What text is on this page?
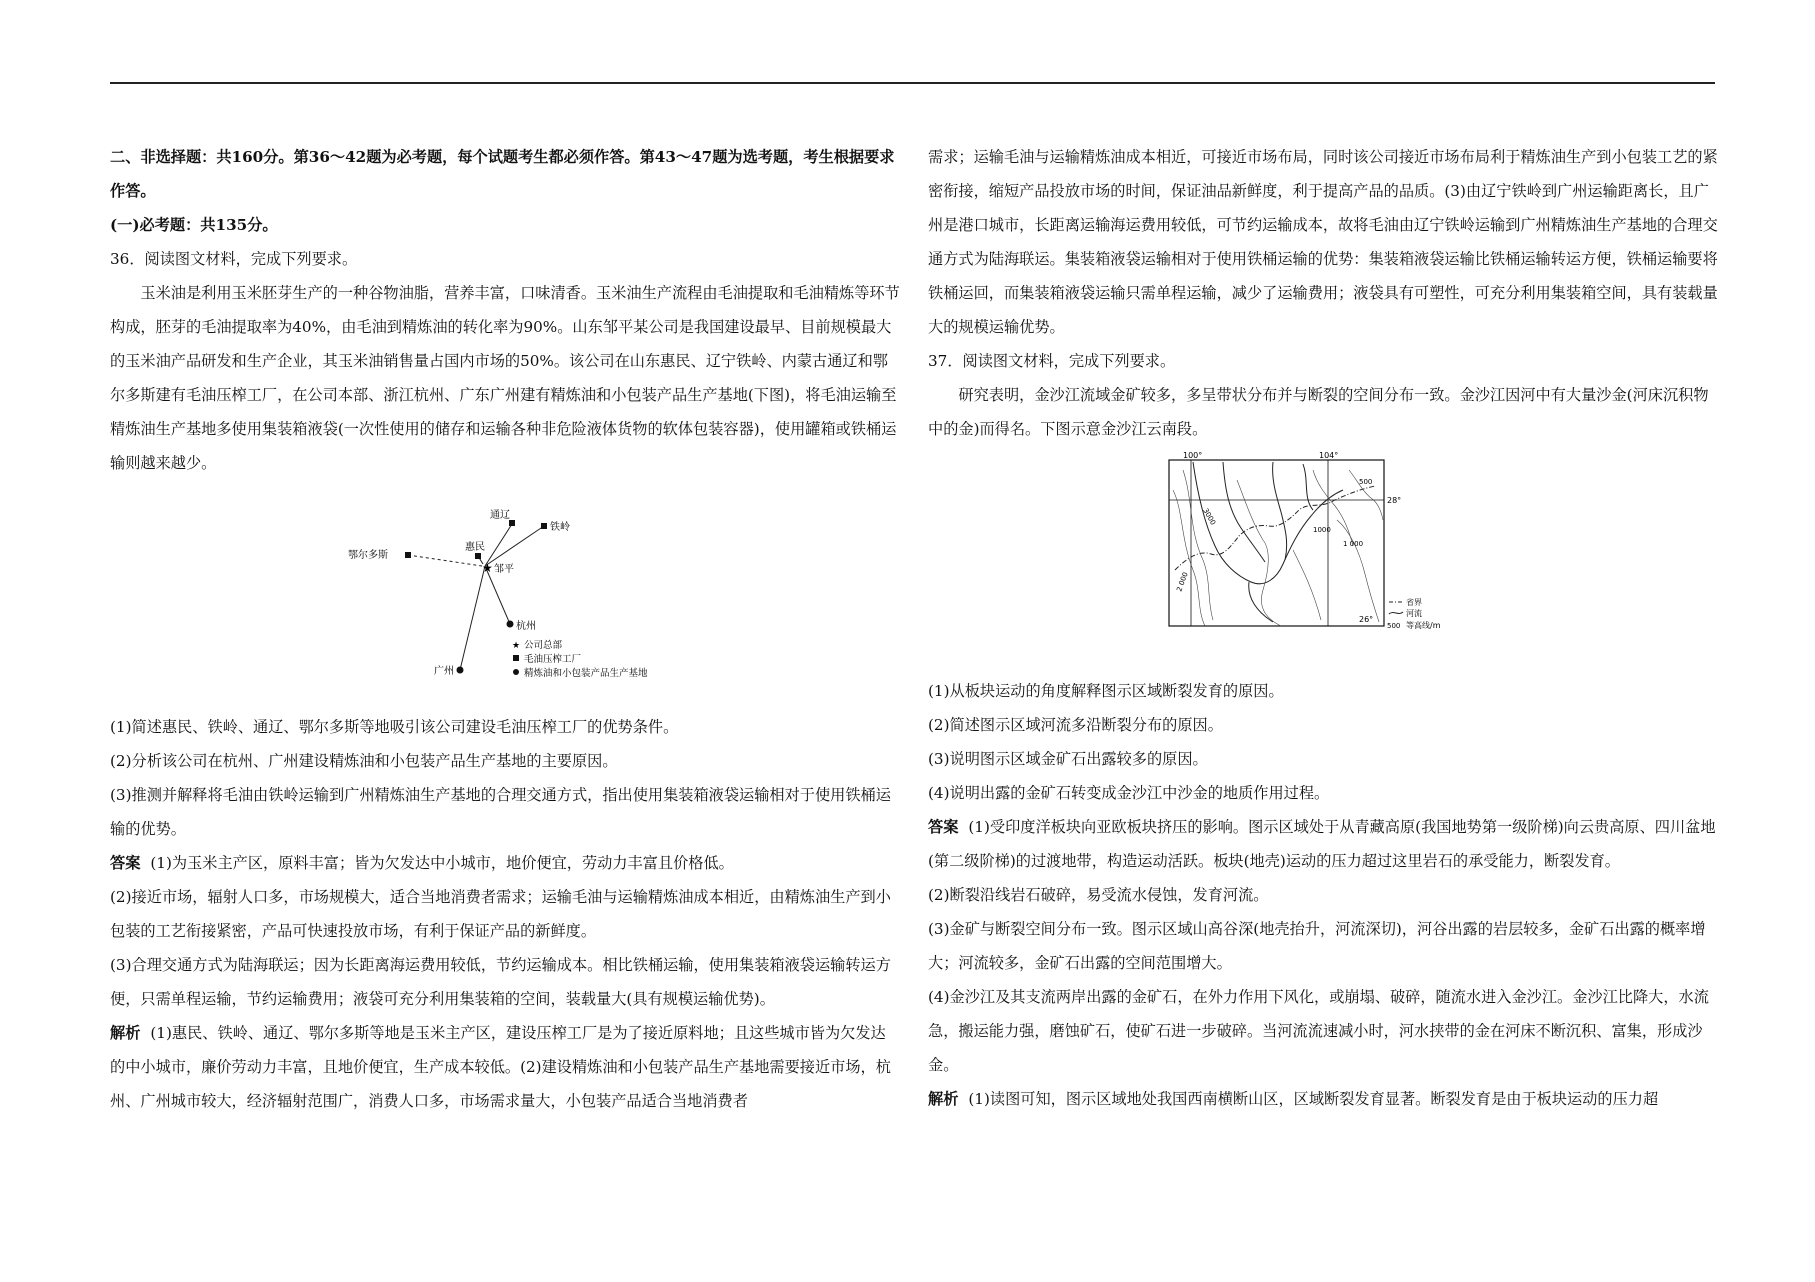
二、非选择题：共160分。第36～42题为必考题，每个试题考生都必须作答。第43～47题为选考题，考生根据要求作答。

(一)必考题：共135分。

36．阅读图文材料，完成下列要求。

玉米油是利用玉米胚芽生产的一种谷物油脂，营养丰富，口味清香。玉米油生产流程由毛油提取和毛油精炼等环节构成，胚芽的毛油提取率为40%，由毛油到精炼油的转化率为90%。山东邹平某公司是我国建设最早、目前规模最大的玉米油产品研发和生产企业，其玉米油销售量占国内市场的50%。该公司在山东惠民、辽宁铁岭、内蒙古通辽和鄂尔多斯建有毛油压榨工厂，在公司本部、浙江杭州、广东广州建有精炼油和小包装产品生产基地(下图)，将毛油运输至精炼油生产基地多使用集装箱液袋(一次性使用的储存和运输各种非危险液体货物的软体包装容器)，使用罐箱或铁桶运输则越来越少。

★
通辽
铁岭
鄂尔多斯
惠民
邹平
杭州
广州
★ 公司总部
毛油压榨工厂
精炼油和小包装产品生产基地

(1)简述惠民、铁岭、通辽、鄂尔多斯等地吸引该公司建设毛油压榨工厂的优势条件。

(2)分析该公司在杭州、广州建设精炼油和小包装产品生产基地的主要原因。

(3)推测并解释将毛油由铁岭运输到广州精炼油生产基地的合理交通方式，指出使用集装箱液袋运输相对于使用铁桶运输的优势。

答案 (1)为玉米主产区，原料丰富；皆为欠发达中小城市，地价便宜，劳动力丰富且价格低。

(2)接近市场，辐射人口多，市场规模大，适合当地消费者需求；运输毛油与运输精炼油成本相近，由精炼油生产到小包装的工艺衔接紧密，产品可快速投放市场，有利于保证产品的新鲜度。

(3)合理交通方式为陆海联运；因为长距离海运费用较低，节约运输成本。相比铁桶运输，使用集装箱液袋运输转运方便，只需单程运输，节约运输费用；液袋可充分利用集装箱的空间，装载量大(具有规模运输优势)。

解析 (1)惠民、铁岭、通辽、鄂尔多斯等地是玉米主产区，建设压榨工厂是为了接近原料地；且这些城市皆为欠发达的中小城市，廉价劳动力丰富，且地价便宜，生产成本较低。(2)建设精炼油和小包装产品生产基地需要接近市场，杭州、广州城市较大，经济辐射范围广，消费人口多，市场需求量大，小包装产品适合当地消费者

需求；运输毛油与运输精炼油成本相近，可接近市场布局，同时该公司接近市场布局利于精炼油生产到小包装工艺的紧密衔接，缩短产品投放市场的时间，保证油品新鲜度，利于提高产品的品质。(3)由辽宁铁岭到广州运输距离长，且广州是港口城市，长距离运输海运费用较低，可节约运输成本，故将毛油由辽宁铁岭运输到广州精炼油生产基地的合理交通方式为陆海联运。集装箱液袋运输相对于使用铁桶运输的优势：集装箱液袋运输比铁桶运输转运方便，铁桶运输要将铁桶运回，而集装箱液袋运输只需单程运输，减少了运输费用；液袋具有可塑性，可充分利用集装箱空间，具有装载量大的规模运输优势。

37．阅读图文材料，完成下列要求。

研究表明，金沙江流域金矿较多，多呈带状分布并与断裂的空间分布一致。金沙江因河中有大量沙金(河床沉积物中的金)而得名。下图示意金沙江云南段。

100°	104°
28°
26°
500
1000
1 000
2 000
3000
省界
河流
500 等高线/m

(1)从板块运动的角度解释图示区域断裂发育的原因。

(2)简述图示区域河流多沿断裂分布的原因。

(3)说明图示区域金矿石出露较多的原因。

(4)说明出露的金矿石转变成金沙江中沙金的地质作用过程。

答案 (1)受印度洋板块向亚欧板块挤压的影响。图示区域处于从青藏高原(我国地势第一级阶梯)向云贵高原、四川盆地(第二级阶梯)的过渡地带，构造运动活跃。板块(地壳)运动的压力超过这里岩石的承受能力，断裂发育。

(2)断裂沿线岩石破碎，易受流水侵蚀，发育河流。

(3)金矿与断裂空间分布一致。图示区域山高谷深(地壳抬升，河流深切)，河谷出露的岩层较多，金矿石出露的概率增大；河流较多，金矿石出露的空间范围增大。

(4)金沙江及其支流两岸出露的金矿石，在外力作用下风化，或崩塌、破碎，随流水进入金沙江。金沙江比降大，水流急，搬运能力强，磨蚀矿石，使矿石进一步破碎。当河流流速减小时，河水挟带的金在河床不断沉积、富集，形成沙金。

解析 (1)读图可知，图示区域地处我国西南横断山区，区域断裂发育显著。断裂发育是由于板块运动的压力超
